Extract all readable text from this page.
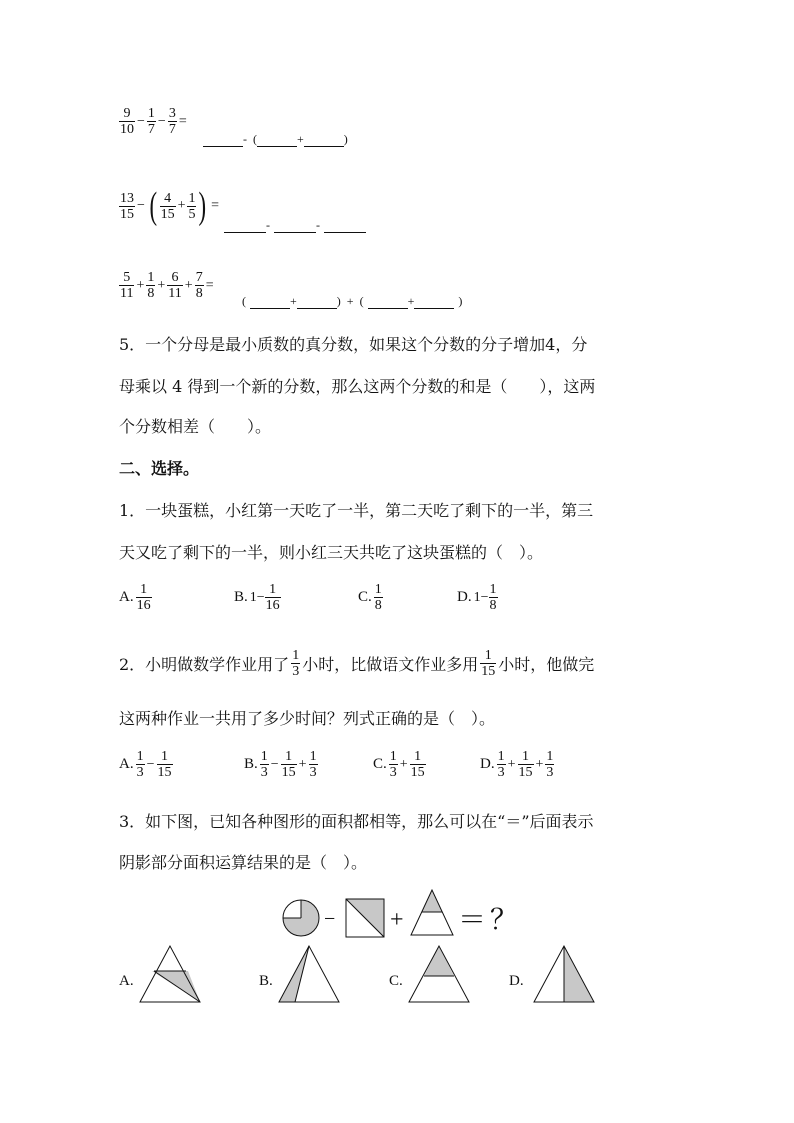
$\frac{9}{10} - \frac{1}{7} - \frac{3}{7}$ =
- (	+	)
$\frac{13}{15}$ − ( $\frac{4}{15} + \frac{1}{5}$ ) =
-	-
$\frac{5}{11} + \frac{1}{8} + \frac{6}{11} + \frac{7}{8}$ =
(	+	) + (	+	)
5．一个分母是最小质数的真分数，如果这个分数的分子增加4，分
母乘以 4 得到一个新的分数，那么这两个分数的和是（　　），这两
个分数相差（　　）。
二、选择。
1．一块蛋糕，小红第一天吃了一半，第二天吃了剩下的一半，第三
天又吃了剩下的一半，则小红三天共吃了这块蛋糕的（　）。
A. $\frac{1}{16}$	B. $1- \frac{1}{16}$	C. $\frac{1}{8}$	D. $1- \frac{1}{8}$
2．小明做数学作业用了 $\frac{1}{3}$ 小时，比做语文作业多用 $\frac{1}{15}$ 小时，他做完
这两种作业一共用了多少时间？列式正确的是（　）。
A. $\frac{1}{3} - \frac{1}{15}$	B. $\frac{1}{3} - \frac{1}{15} + \frac{1}{3}$	C. $\frac{1}{3} + \frac{1}{15}$	D. $\frac{1}{3} + \frac{1}{15} + \frac{1}{3}$
3．如下图，已知各种图形的面积都相等，那么可以在“＝”后面表示
阴影部分面积运算结果的是（　）。
− + ＝ ？
A.	B.	C.	D.
